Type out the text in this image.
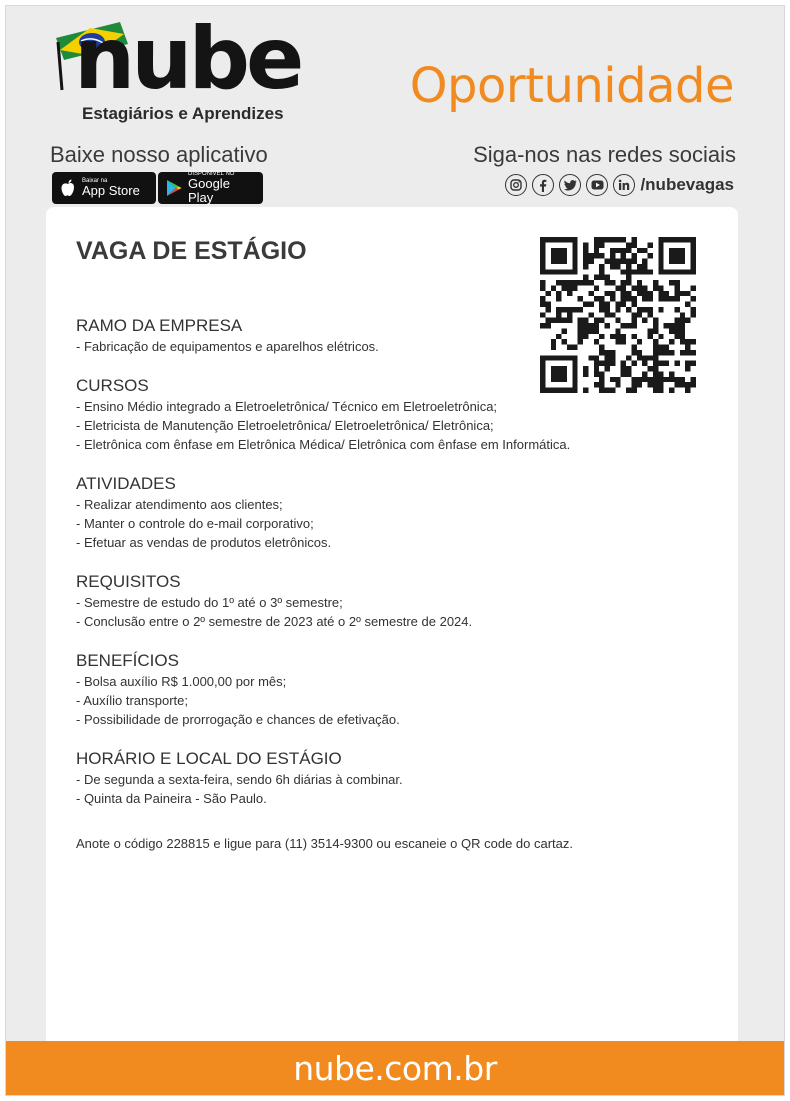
nube
Estagiários e Aprendizes	Oportunidade
Baixe nosso aplicativo	Siga-nos nas redes sociais
Baixar na
App Store
DISPONÍVEL NO
Google Play
/nubevagas
VAGA DE ESTÁGIO
RAMO DA EMPRESA
- Fabricação de equipamentos e aparelhos elétricos.
CURSOS
- Ensino Médio integrado a Eletroeletrônica/ Técnico em Eletroeletrônica;
- Eletricista de Manutenção Eletroeletrônica/ Eletroeletrônica/ Eletrônica;
- Eletrônica com ênfase em Eletrônica Médica/ Eletrônica com ênfase em Informática.
ATIVIDADES
- Realizar atendimento aos clientes;
- Manter o controle do e-mail corporativo;
- Efetuar as vendas de produtos eletrônicos.
REQUISITOS
- Semestre de estudo do 1º até o 3º semestre;
- Conclusão entre o 2º semestre de 2023 até o 2º semestre de 2024.
BENEFÍCIOS
- Bolsa auxílio R$ 1.000,00 por mês;
- Auxílio transporte;
- Possibilidade de prorrogação e chances de efetivação.
HORÁRIO E LOCAL DO ESTÁGIO
- De segunda a sexta-feira, sendo 6h diárias à combinar.
- Quinta da Paineira - São Paulo.
Anote o código 228815 e ligue para (11) 3514-9300 ou escaneie o QR code do cartaz.
nube.com.br
